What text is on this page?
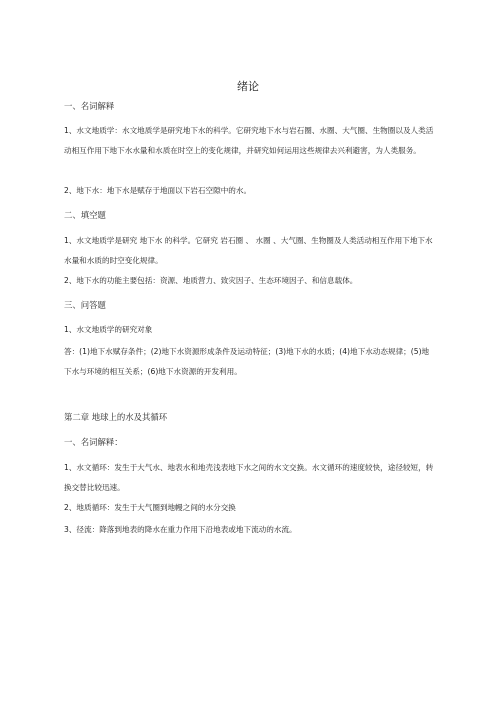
绪论
一、名词解释
1、水文地质学：水文地质学是研究地下水的科学。它研究地下水与岩石圈、水圈、大气圈、生物圈以及人类活动相互作用下地下水水量和水质在时空上的变化规律，并研究如何运用这些规律去兴利避害，为人类服务。
2、地下水：地下水是赋存于地面以下岩石空隙中的水。
二、填空题
1、水文地质学是研究 地下水 的科学。它研究 岩石圈 、 水圈 、大气圈、生物圈及人类活动相互作用下地下水水量和水质的时空变化规律。
2、地下水的功能主要包括：资源、地质营力、致灾因子、生态环境因子、和信息载体。
三、问答题
1、水文地质学的研究对象
答：(1)地下水赋存条件；(2)地下水资源形成条件及运动特征；(3)地下水的水质；(4)地下水动态规律；(5)地下水与环境的相互关系；(6)地下水资源的开发利用。
第二章 地球上的水及其循环
一、名词解释：
1、水文循环：发生于大气水、地表水和地壳浅表地下水之间的水文交换。水文循环的速度较快，途径较短，转换交替比较迅速。
2、地质循环：发生于大气圈到地幔之间的水分交换
3、径流：降落到地表的降水在重力作用下沿地表或地下流动的水流。
